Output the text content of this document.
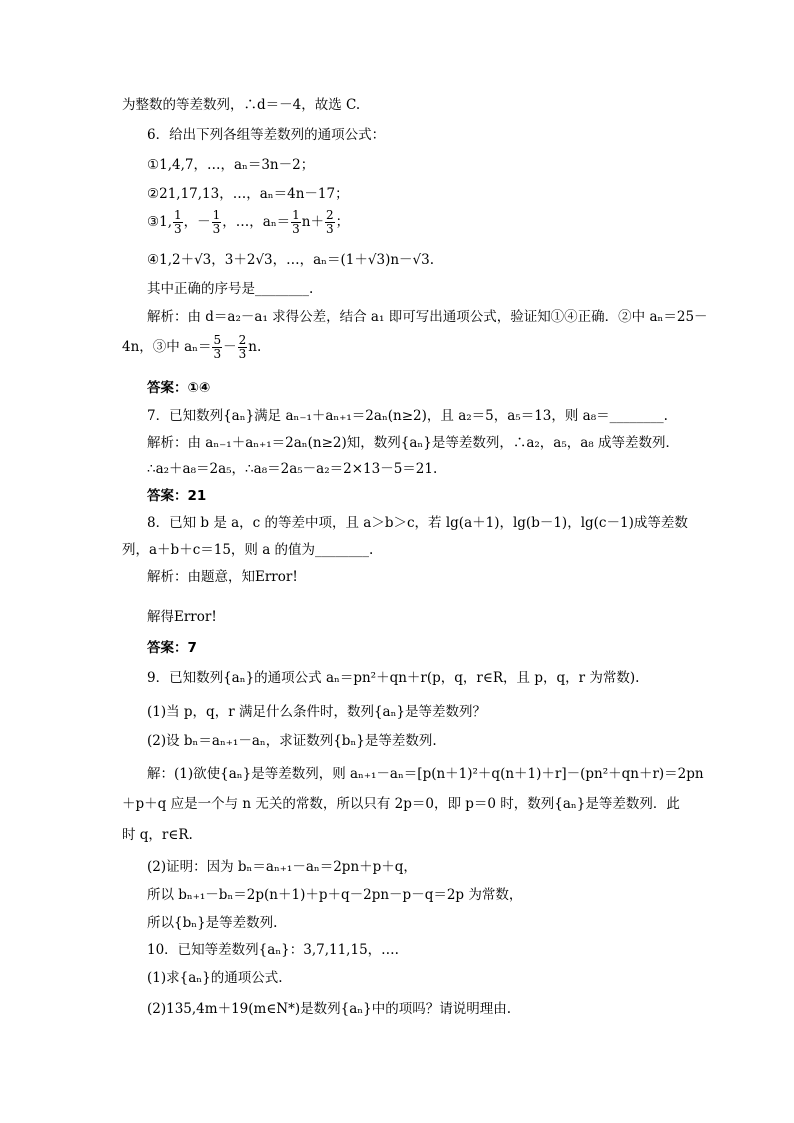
为整数的等差数列，∴d＝－4，故选 C.
6．给出下列各组等差数列的通项公式：
①1,4,7，…，aₙ＝3n－2；
②21,17,13，…，aₙ＝4n－17；
③1, $\frac{1}{3}$ ，－ $\frac{1}{3}$ ，…，$a_n= \frac{1}{3} n+ \frac{2}{3}$ ；
④1,2＋√3，3＋2√3，…，aₙ＝(1＋√3)n－√3.
其中正确的序号是________.
解析：由 d＝a₂－a₁ 求得公差，结合 a₁ 即可写出通项公式，验证知①④正确．②中 aₙ＝25－
4n，③中 $a_n= \frac{5}{3} - \frac{2}{3} n$.
答案：①④
7．已知数列{aₙ}满足 aₙ₋₁＋aₙ₊₁＝2aₙ(n≥2)，且 a₂＝5，a₅＝13，则 a₈＝________.
解析：由 aₙ₋₁＋aₙ₊₁＝2aₙ(n≥2)知，数列{aₙ}是等差数列，∴a₂，a₅，a₈ 成等差数列．
∴a₂＋a₈＝2a₅，∴a₈＝2a₅－a₂＝2×13－5＝21.
答案：21
8．已知 b 是 a，c 的等差中项，且 a＞b＞c，若 lg(a＋1)，lg(b－1)，lg(c－1)成等差数
列，a＋b＋c＝15，则 a 的值为________.
解析：由题意，知Error!
解得Error!
答案：7
9．已知数列{aₙ}的通项公式 aₙ＝pn²＋qn＋r(p，q，r∈R，且 p，q，r 为常数).
(1)当 p，q，r 满足什么条件时，数列{aₙ}是等差数列？
(2)设 bₙ＝aₙ₊₁－aₙ，求证数列{bₙ}是等差数列.
解：(1)欲使{aₙ}是等差数列，则 aₙ₊₁－aₙ＝[p(n＋1)²＋q(n＋1)＋r]－(pn²＋qn＋r)＝2pn
＋p＋q 应是一个与 n 无关的常数，所以只有 2p＝0，即 p＝0 时，数列{aₙ}是等差数列．此
时 q，r∈R.
(2)证明：因为 bₙ＝aₙ₊₁－aₙ＝2pn＋p＋q，
所以 bₙ₊₁－bₙ＝2p(n＋1)＋p＋q－2pn－p－q＝2p 为常数，
所以{bₙ}是等差数列.
10．已知等差数列{aₙ}：3,7,11,15，….
(1)求{aₙ}的通项公式.
(2)135,4m＋19(m∈N*)是数列{aₙ}中的项吗？请说明理由.
